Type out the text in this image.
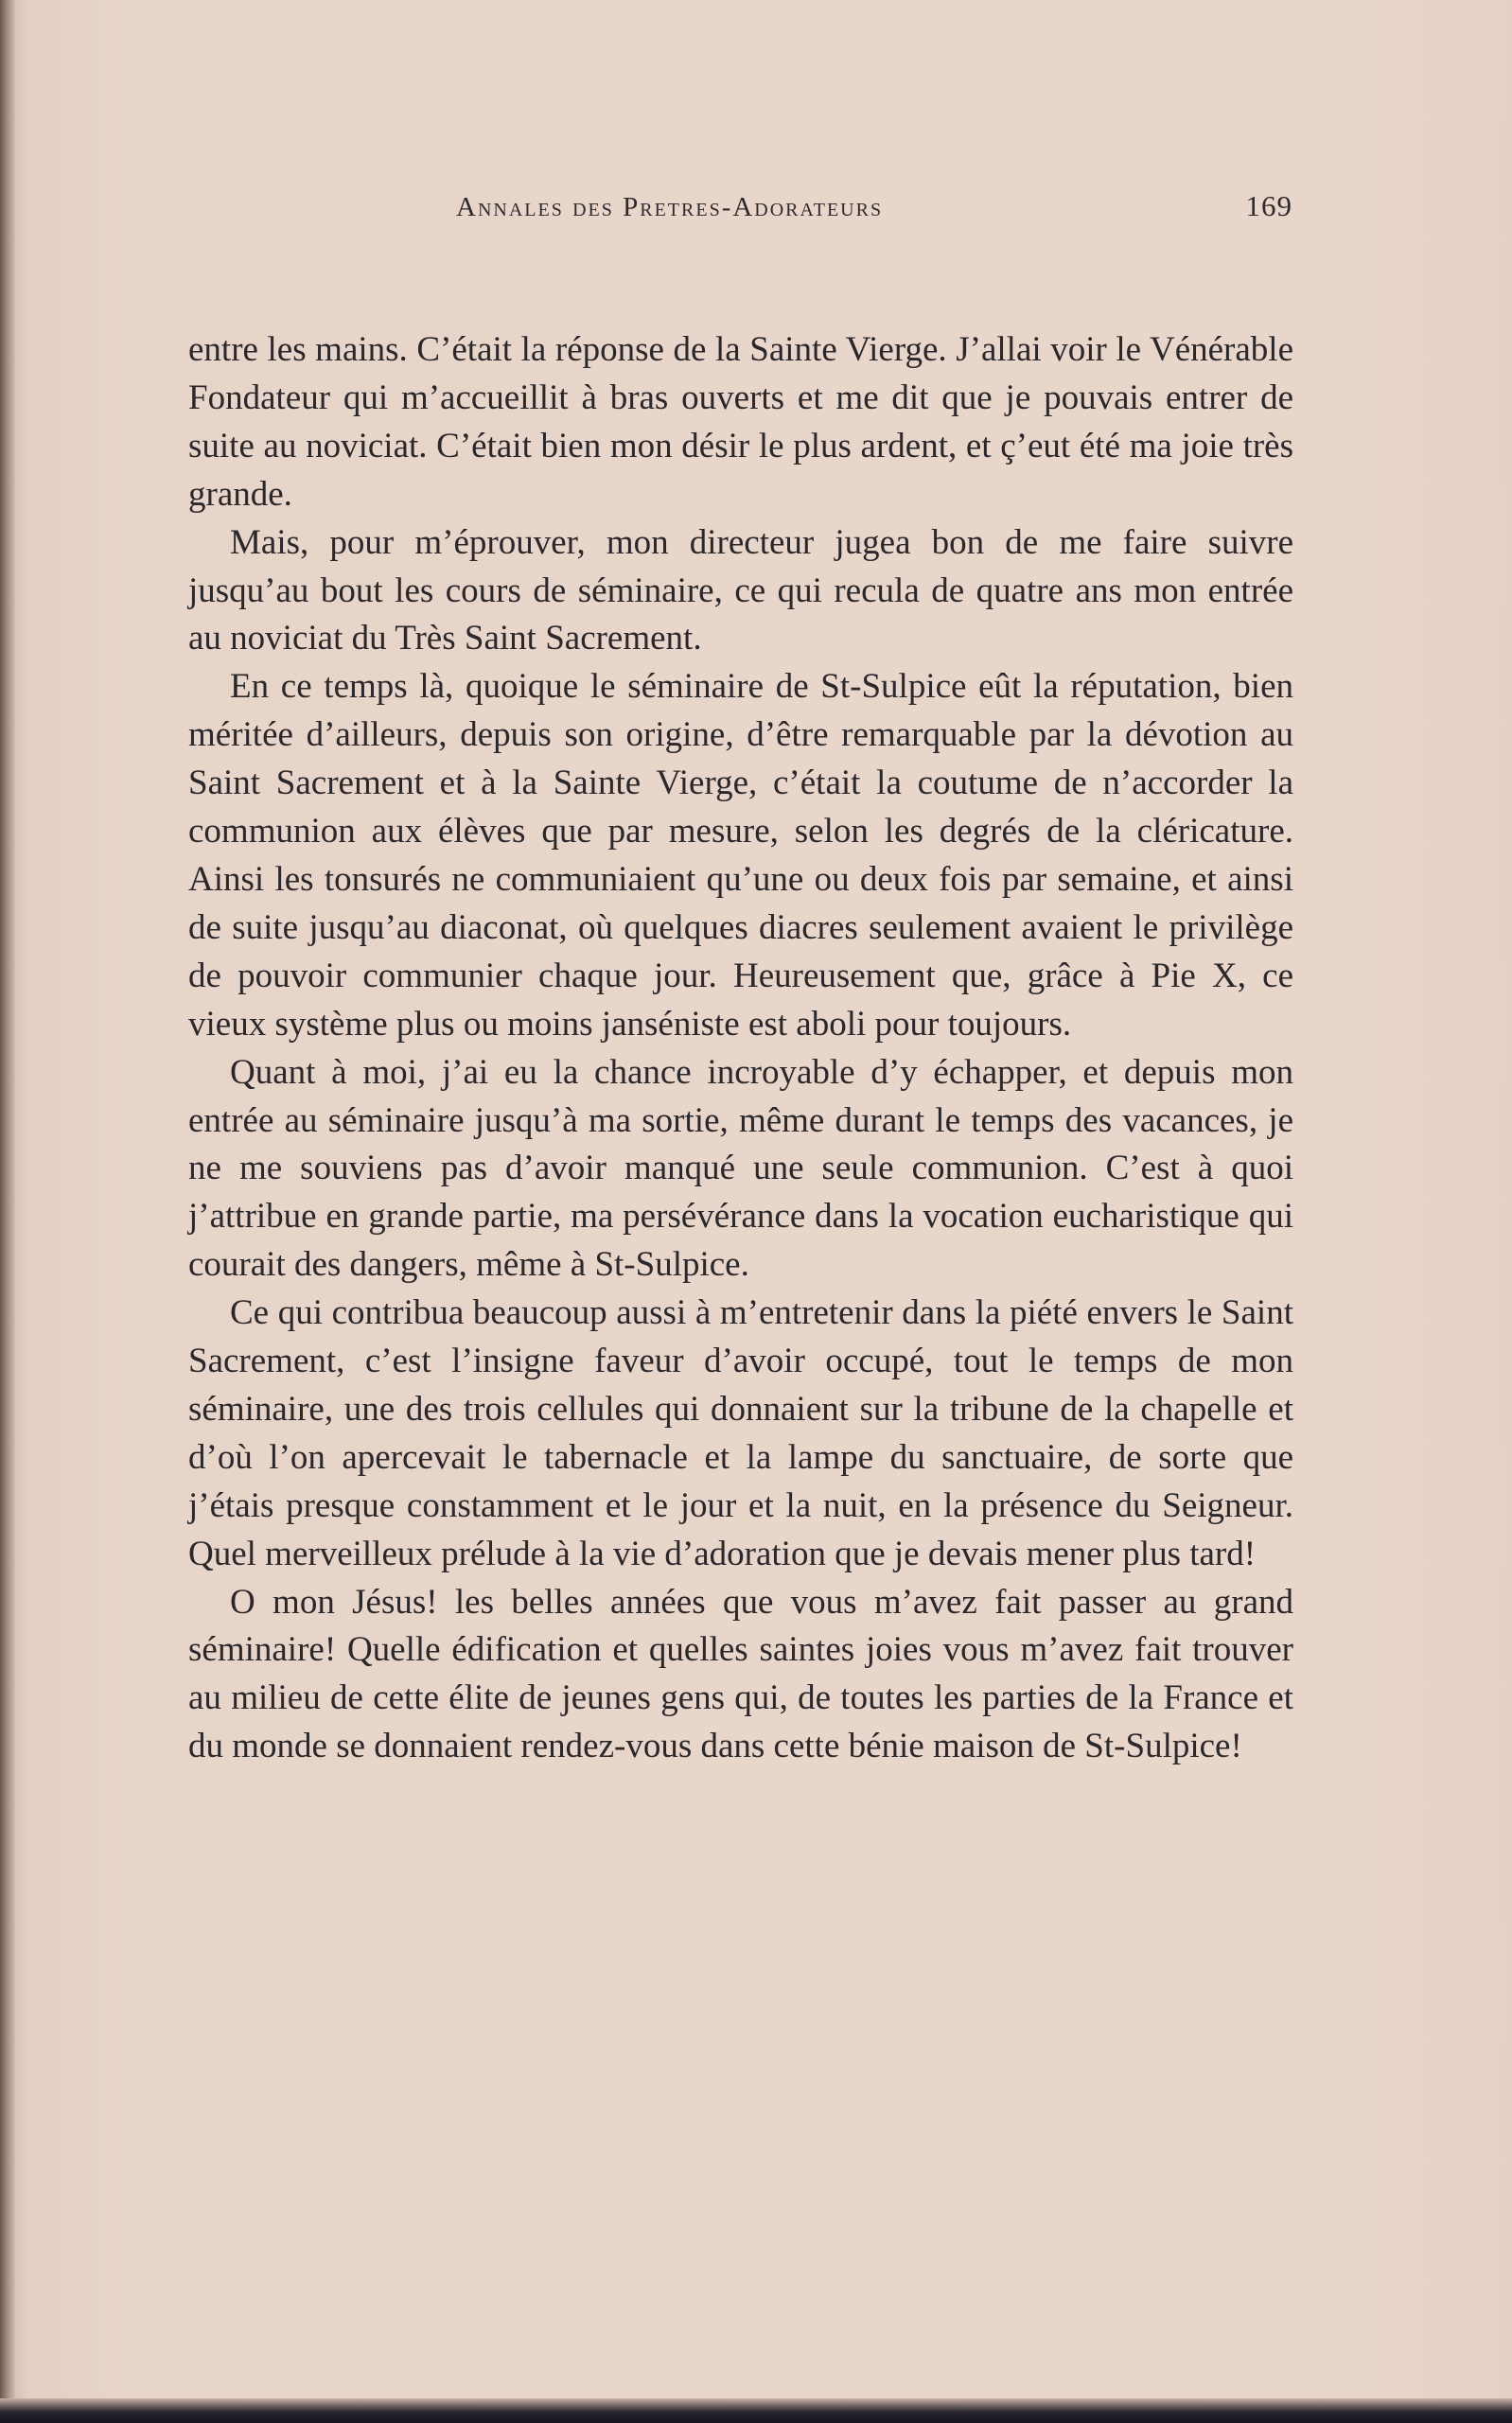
Annales des Pretres-Adorateurs	169

entre les mains. C’était la réponse de la Sainte Vierge. J’allai voir le Vénérable Fondateur qui m’accueillit à bras ouverts et me dit que je pouvais entrer de suite au noviciat. C’était bien mon désir le plus ardent, et ç’eut été ma joie très grande.

Mais, pour m’éprouver, mon directeur jugea bon de me faire suivre jusqu’au bout les cours de séminaire, ce qui recula de quatre ans mon entrée au noviciat du Très Saint Sacrement.

En ce temps là, quoique le séminaire de St-Sulpice eût la réputation, bien méritée d’ailleurs, depuis son origine, d’être remarquable par la dévotion au Saint Sacrement et à la Sainte Vierge, c’était la coutume de n’accorder la communion aux élèves que par mesure, selon les degrés de la cléricature. Ainsi les tonsurés ne communiaient qu’une ou deux fois par semaine, et ainsi de suite jusqu’au diaconat, où quelques diacres seulement avaient le privilège de pouvoir communier chaque jour. Heureusement que, grâce à Pie X, ce vieux système plus ou moins janséniste est aboli pour toujours.

Quant à moi, j’ai eu la chance incroyable d’y échapper, et depuis mon entrée au séminaire jusqu’à ma sortie, même durant le temps des vacances, je ne me souviens pas d’avoir manqué une seule communion. C’est à quoi j’attribue en grande partie, ma persévérance dans la vocation eucharistique qui courait des dangers, même à St-Sulpice.

Ce qui contribua beaucoup aussi à m’entretenir dans la piété envers le Saint Sacrement, c’est l’insigne faveur d’avoir occupé, tout le temps de mon séminaire, une des trois cellules qui donnaient sur la tribune de la chapelle et d’où l’on apercevait le tabernacle et la lampe du sanctuaire, de sorte que j’étais presque constamment et le jour et la nuit, en la présence du Seigneur. Quel merveilleux prélude à la vie d’adoration que je devais mener plus tard!

O mon Jésus! les belles années que vous m’avez fait passer au grand séminaire! Quelle édification et quelles saintes joies vous m’avez fait trouver au milieu de cette élite de jeunes gens qui, de toutes les parties de la France et du monde se donnaient rendez-vous dans cette bénie maison de St-Sulpice!
